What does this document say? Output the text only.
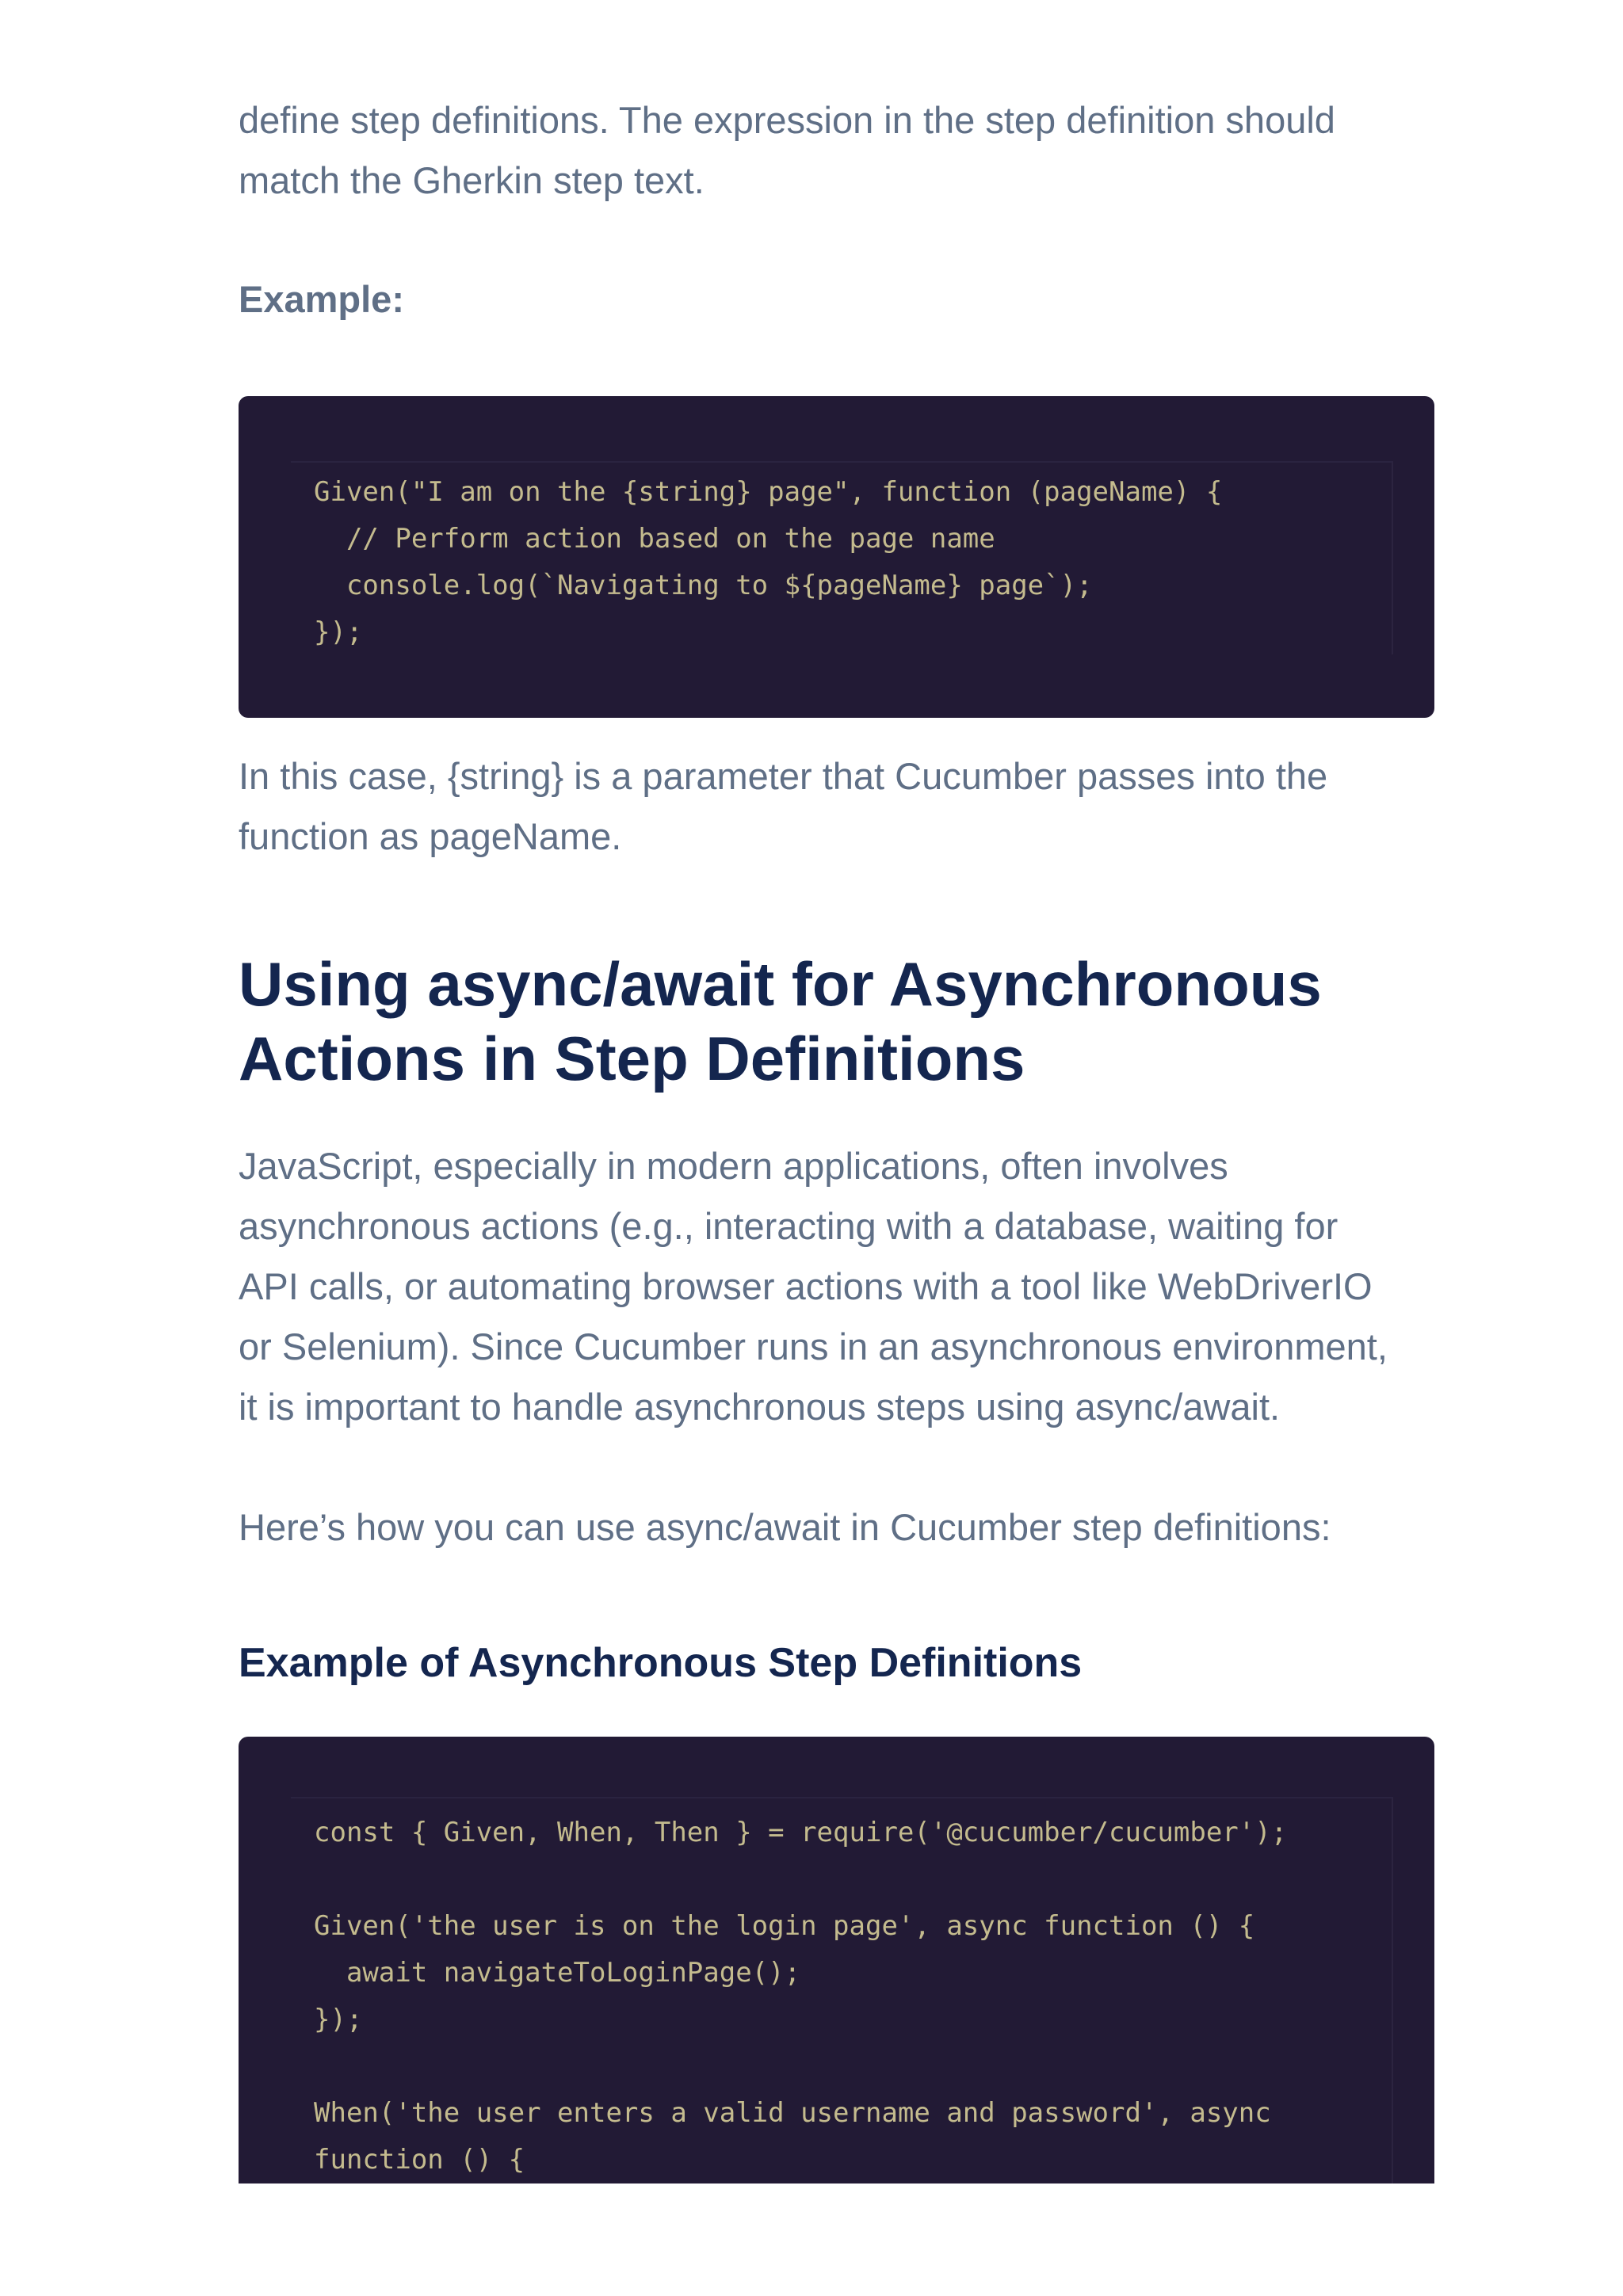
define step definitions. The expression in the step definition should

match the Gherkin step text.

Example:

Given("I am on the {string} page", function (pageName) {
// Perform action based on the page name
console.log(`Navigating to ${pageName} page`);
});

In this case, {string} is a parameter that Cucumber passes into the

function as pageName.

Using async/await for Asynchronous
Actions in Step Definitions

JavaScript, especially in modern applications, often involves

asynchronous actions (e.g., interacting with a database, waiting for

API calls, or automating browser actions with a tool like WebDriverIO

or Selenium). Since Cucumber runs in an asynchronous environment,

it is important to handle asynchronous steps using async/await.

Here’s how you can use async/await in Cucumber step definitions:

Example of Asynchronous Step Definitions
const { Given, When, Then } = require('@cucumber/cucumber');
Given('the user is on the login page', async function () {
await navigateToLoginPage();
});
When('the user enters a valid username and password', async
function () {
